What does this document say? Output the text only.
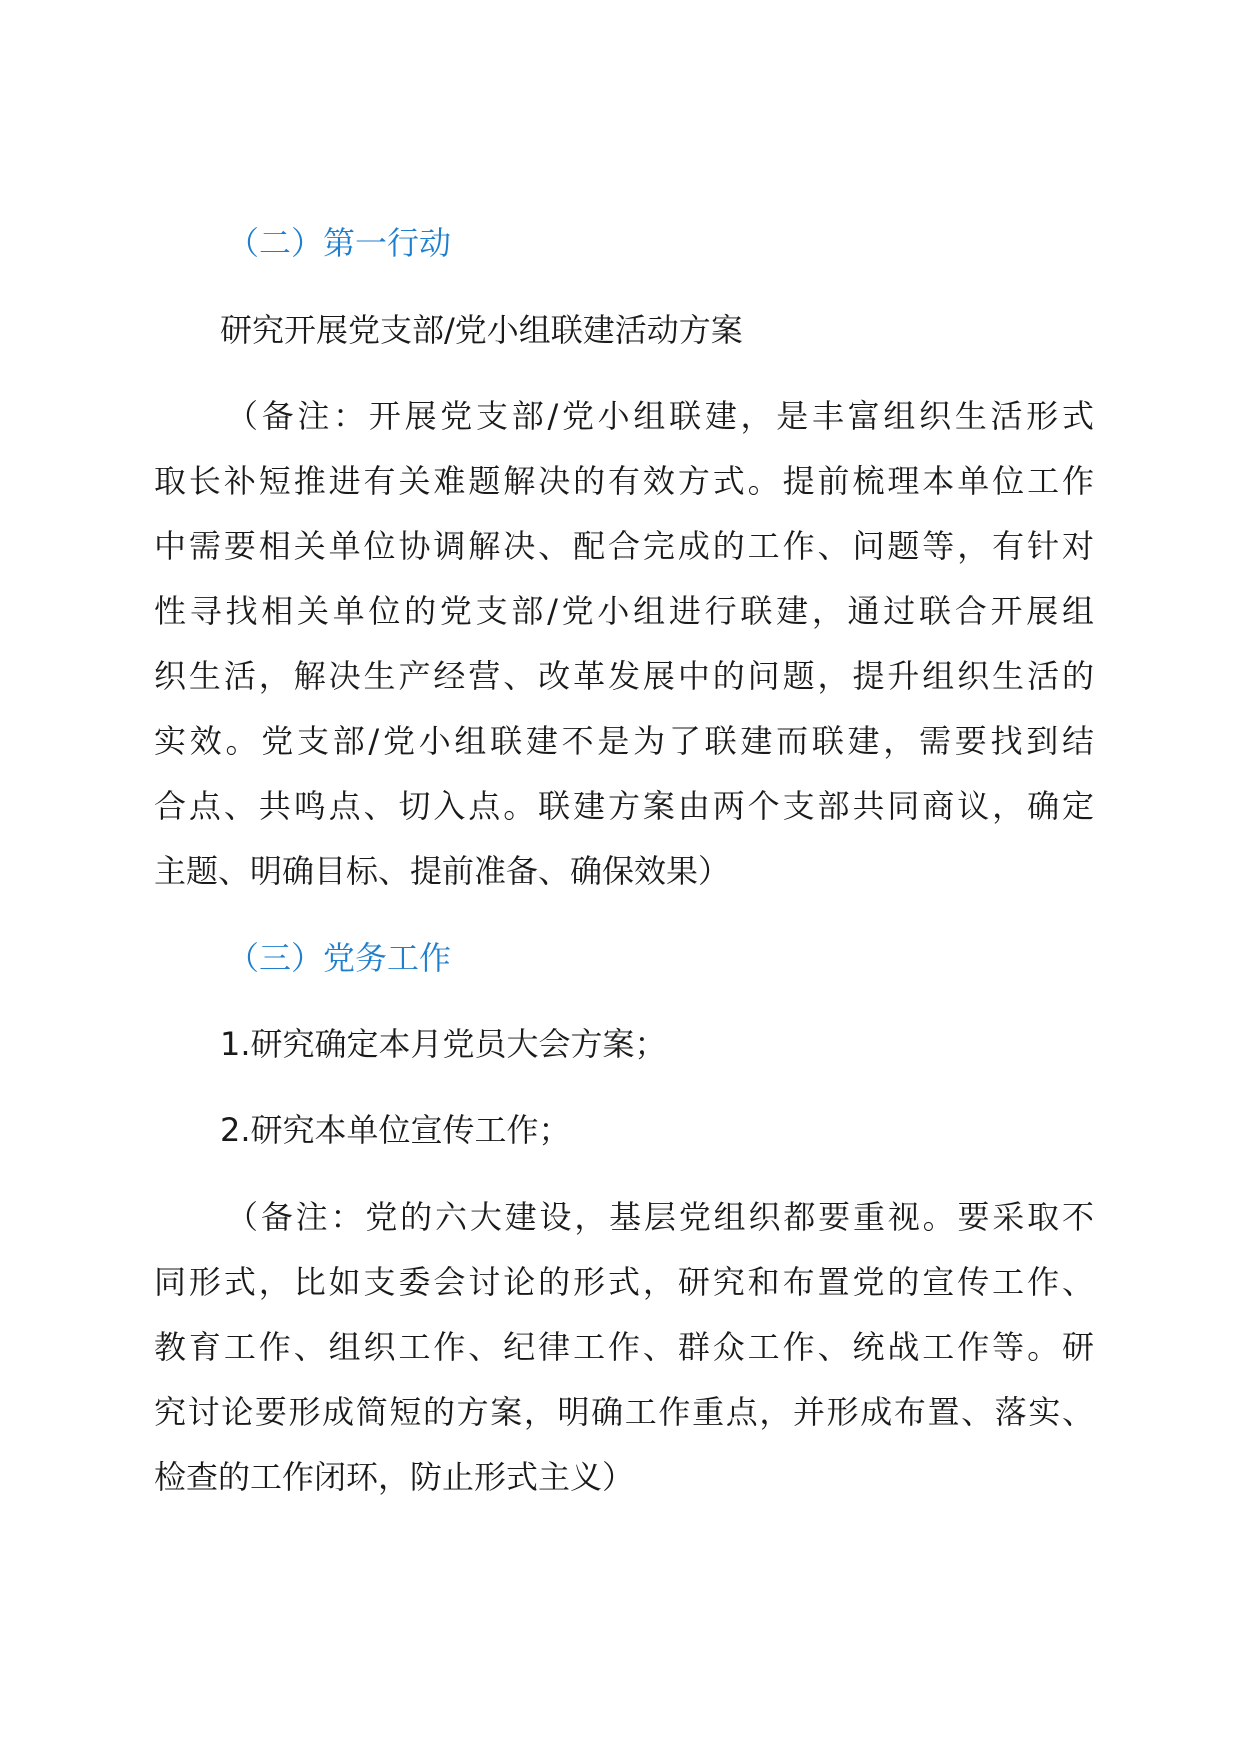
（二）第一行动

研究开展党支部/党小组联建活动方案

（备注：开展党支部/党小组联建，是丰富组织生活形式
取长补短推进有关难题解决的有效方式。提前梳理本单位工作
中需要相关单位协调解决、配合完成的工作、问题等，有针对
性寻找相关单位的党支部/党小组进行联建，通过联合开展组
织生活，解决生产经营、改革发展中的问题，提升组织生活的
实效。党支部/党小组联建不是为了联建而联建，需要找到结
合点、共鸣点、切入点。联建方案由两个支部共同商议，确定
主题、明确目标、提前准备、确保效果）
（三）党务工作

1.研究确定本月党员大会方案；

2.研究本单位宣传工作；

（备注：党的六大建设，基层党组织都要重视。要采取不
同形式，比如支委会讨论的形式，研究和布置党的宣传工作、
教育工作、组织工作、纪律工作、群众工作、统战工作等。研
究讨论要形成简短的方案，明确工作重点，并形成布置、落实、
检查的工作闭环，防止形式主义）
